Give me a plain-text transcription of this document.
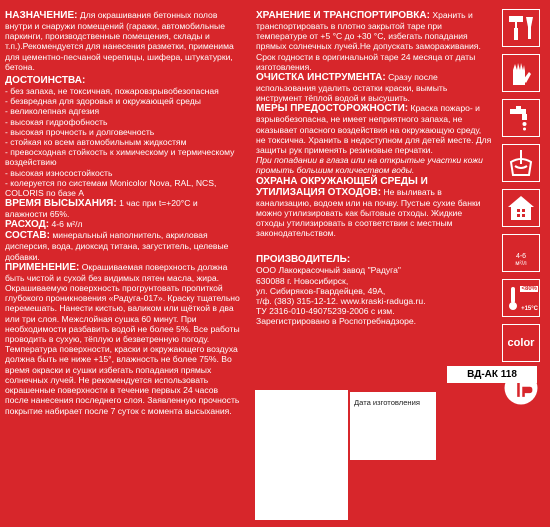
НАЗНАЧЕНИЕ: Для окрашивания бетонных полов внутри и снаружи помещений (гаражи, автомобильные паркинги, производственные помещения, склады и т.п.).Рекомендуется для нанесения разметки, применима для цементно-песчаной черепицы, шифера, штукатурки, бетона.

ДОСТОИНСТВА:

- без запаха, не токсичная, пожаровзрывобезопасная

- безвредная для здоровья и окружающей среды

- великолепная адгезия

- высокая гидрофобность

- высокая прочность и долговечность

- стойкая ко всем автомобильным жидкостям

- превосходная стойкость к химическому и термическому воздействию

- высокая износостойкость

- колеруется по системам Monicolor Nova, RAL, NCS, COLORIS по базе А

ВРЕМЯ ВЫСЫХАНИЯ: 1 час при t=+20°С и влажности 65%.

РАСХОД: 4-6 м²/л

СОСТАВ: минеральный наполнитель, акриловая дисперсия, вода, диоксид титана, загуститель, целевые добавки.

ПРИМЕНЕНИЕ: Окрашиваемая поверхность должна быть чистой и сухой без видимых пятен масла, жира. Окрашиваемую поверхность прогрунтовать пропиткой глубокого проникновения «Радуга-017». Краску тщательно перемешать. Нанести кистью, валиком или щёткой в два или три слоя. Межслойная сушка 60 минут. При необходимости разбавить водой не более 5%. Все работы проводить в сухую, тёплую и безветренную погоду. Температура поверхности, краски и окружающего воздуха должна быть не ниже +15°, влажность не более 75%. Во время окраски и сушки избегать попадания прямых солнечных лучей. Не рекомендуется использовать окрашенные поверхности в течение первых 24 часов после нанесения последнего слоя. Заявленную прочность покрытие набирает после 7 суток с момента высыхания.

ХРАНЕНИЕ И ТРАНСПОРТИРОВКА: Хранить и транспортировать в плотно закрытой таре при температуре от +5 °С до +30 °С, избегать попадания прямых солнечных лучей.Не допускать замораживания. Срок годности в оригинальной таре 24 месяца от даты изготовления.

ОЧИСТКА ИНСТРУМЕНТА: Сразу после использования удалить остатки краски, вымыть инструмент тёплой водой и высушить.

МЕРЫ ПРЕДОСТОРОЖНОСТИ: Краска пожаро- и взрывобезопасна, не имеет неприятного запаха, не оказывает опасного воздействия на окружающую среду, не токсична. Хранить в недоступном для детей месте. Для защиты рук применять резиновые перчатки.

При попадании в глаза или на открытые участки кожи промыть большим количеством воды.

ОХРАНА ОКРУЖАЮЩЕЙ СРЕДЫ И УТИЛИЗАЦИЯ ОТХОДОВ: Не выливать в канализацию, водоем или на почву. Пустые сухие банки можно утилизировать как бытовые отходы. Жидкие отходы утилизировать в соответствии с местным законодательством.

ПРОИЗВОДИТЕЛЬ:

ООО Лакокрасочный завод "Радуга"

630088 г. Новосибирск,

ул. Сибиряков-Гвардейцев, 49А,

т/ф. (383) 315-12-12. www.kraski-raduga.ru.

ТУ 2316-010-49075239-2006 с изм.

Зарегистрировано в Роспотребнадзоре.

4-6
м²/л
<80%
+15°C
color
ВД-АК 118
Дата изготовления
